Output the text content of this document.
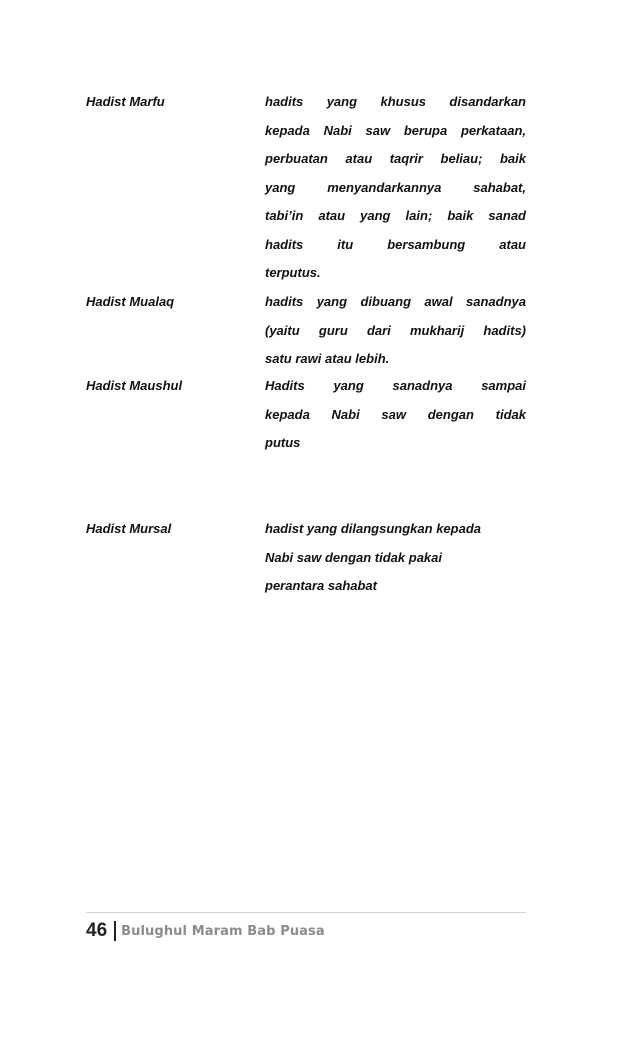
Hadist Marfu	hadits yang khusus disandarkan
kepada Nabi saw berupa perkataan,
perbuatan atau taqrir beliau; baik
yang menyandarkannya sahabat,
tabi’in atau yang lain; baik sanad
hadits itu bersambung atau
terputus.
Hadist Mualaq	hadits yang dibuang awal sanadnya
(yaitu guru dari mukharij hadits)
satu rawi atau lebih.
Hadist Maushul	Hadits yang sanadnya sampai
kepada Nabi saw dengan tidak
putus
Hadist Mursal	hadist yang dilangsungkan kepada
Nabi saw dengan tidak pakai
perantara sahabat
46 Bulughul Maram Bab Puasa
